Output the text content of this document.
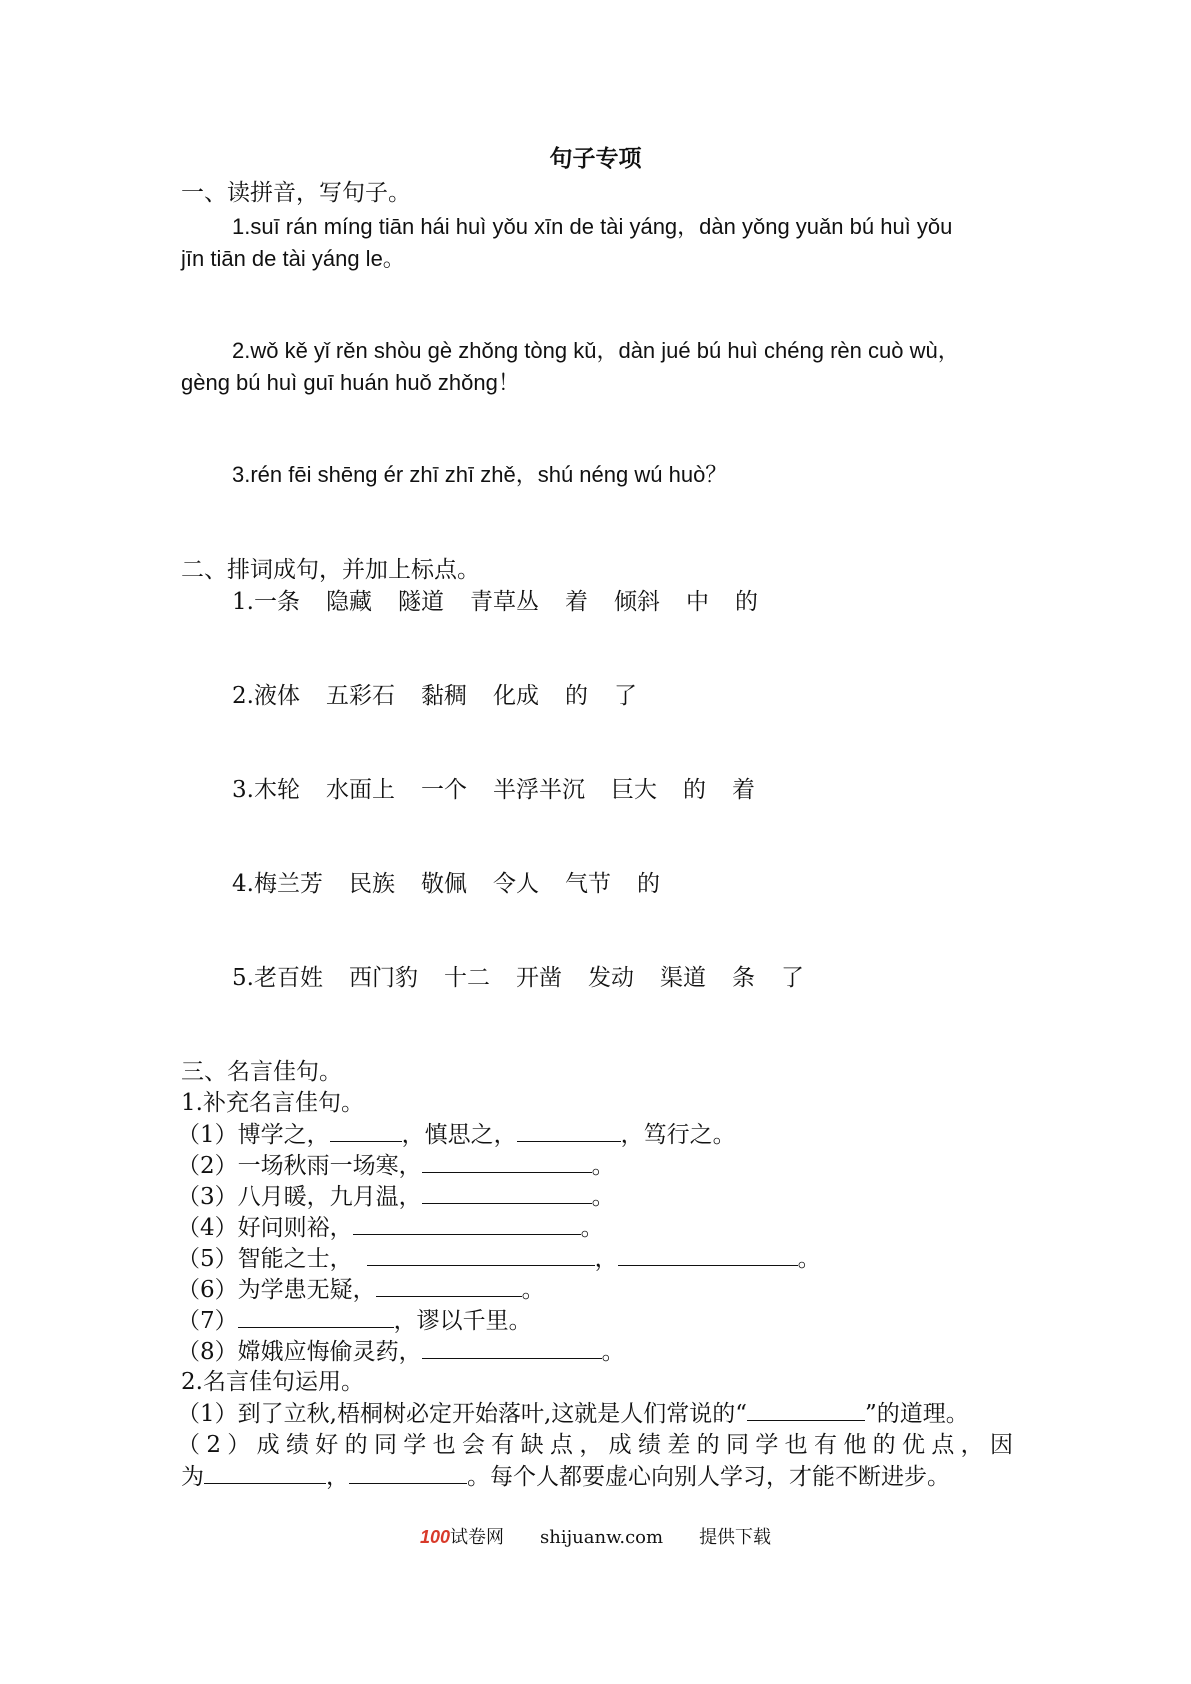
句子专项
一、读拼音，写句子。
1.suī rán míng tiān hái huì yǒu xīn de tài yáng，dàn yǒng yuǎn bú huì yǒu
jīn tiān de tài yáng le。
2.wǒ kě yǐ rěn shòu gè zhǒng tòng kǔ，dàn jué bú huì chéng rèn cuò wù，
gèng bú huì guī huán huǒ zhǒng！
3.rén fēi shēng ér zhī zhī zhě，shú néng wú huò？
二、排词成句，并加上标点。
1.一条 隐藏 隧道 青草丛 着 倾斜 中 的
2.液体 五彩石 黏稠 化成 的 了
3.木轮 水面上 一个 半浮半沉 巨大 的 着
4.梅兰芳 民族 敬佩 令人 气节 的
5.老百姓 西门豹 十二 开凿 发动 渠道 条 了
三、名言佳句。
1.补充名言佳句。
（1）博学之，	，慎思之，	，笃行之。
（2）一场秋雨一场寒，	。
（3）八月暖，九月温，	。
（4）好问则裕，	。
（5）智能之士，	，	。
（6）为学患无疑，	。
（7）	，谬以千里。
（8）嫦娥应悔偷灵药，	。
2.名言佳句运用。
（1）到了立秋,梧桐树必定开始落叶,这就是人们常说的“	”的道理。
（2）成绩好的同学也会有缺点，成绩差的同学也有他的优点，因
为	，	。每个人都要虚心向别人学习，才能不断进步。
100试卷网 shijuanw.com 提供下载
